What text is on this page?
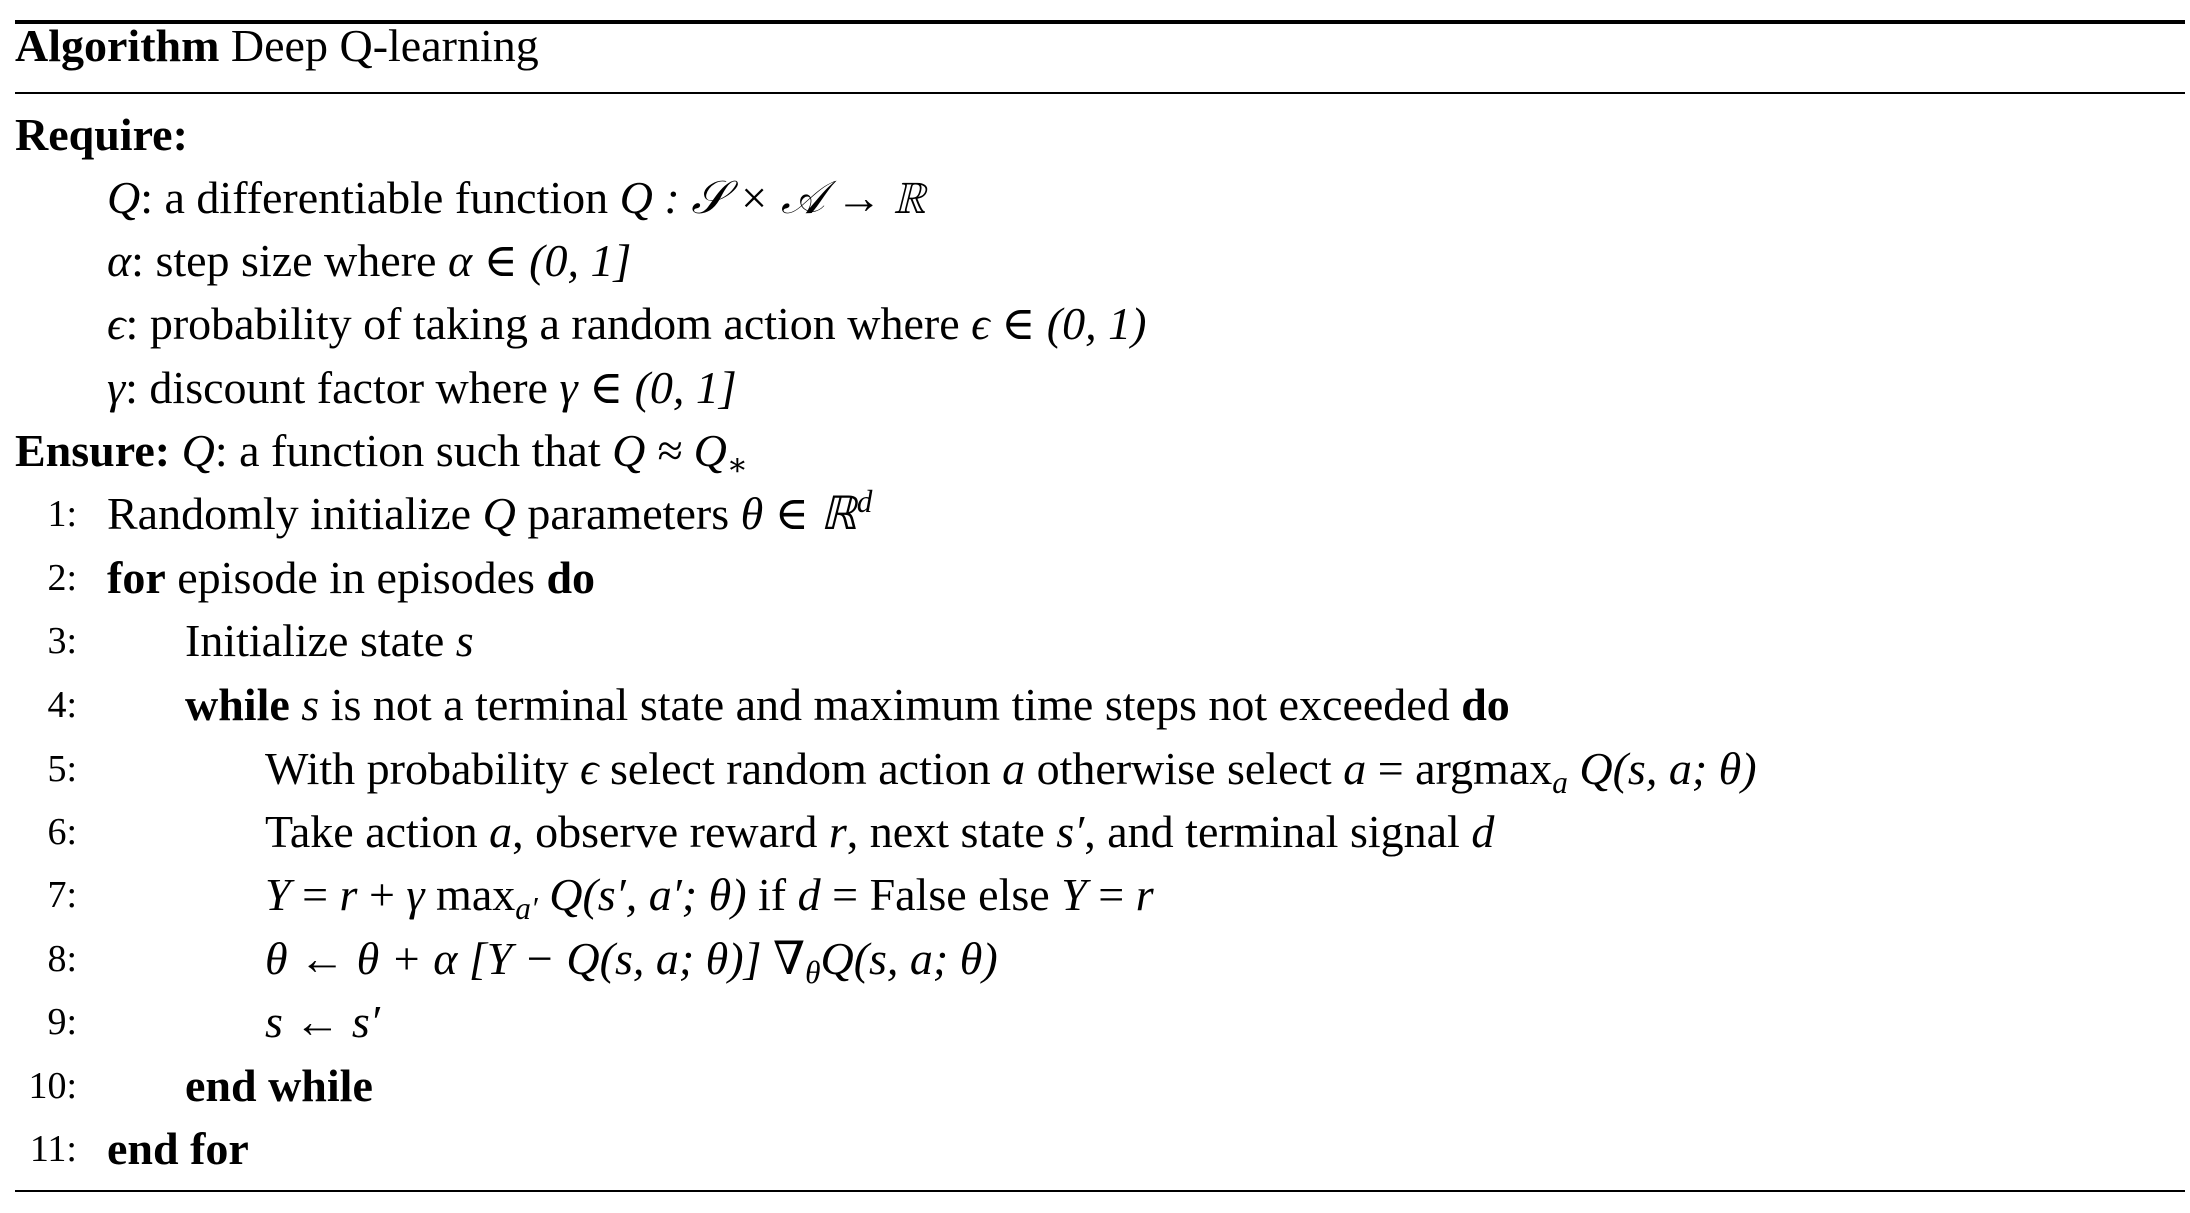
Algorithm Deep Q-learning
Require:
Q: a differentiable function Q : 𝒮 × 𝒜 → ℝ
α: step size where α ∈ (0, 1]
ϵ: probability of taking a random action where ϵ ∈ (0, 1)
γ: discount factor where γ ∈ (0, 1]
Ensure: Q: a function such that $Q \approx Q_∗$
1: Randomly initialize Q parameters θ ∈ ℝ$^d$
2: for episode in episodes do
3: Initialize state s
4: while s is not a terminal state and maximum time steps not exceeded do
5:	With probability ϵ select random action a otherwise select a = argmax$_a$ Q(s, a; θ)
6:	Take action a, observe reward r, next state s′, and terminal signal d
7:	Y = r + γ $\max_{a'} Q(s'$, a′; θ) if d = False else Y = r
8:	θ ← θ + α [Y − Q(s, a; θ)] $\nabla_\theta Q(s$, a; θ)
9:	s ← s′
10: end while
11: end for
